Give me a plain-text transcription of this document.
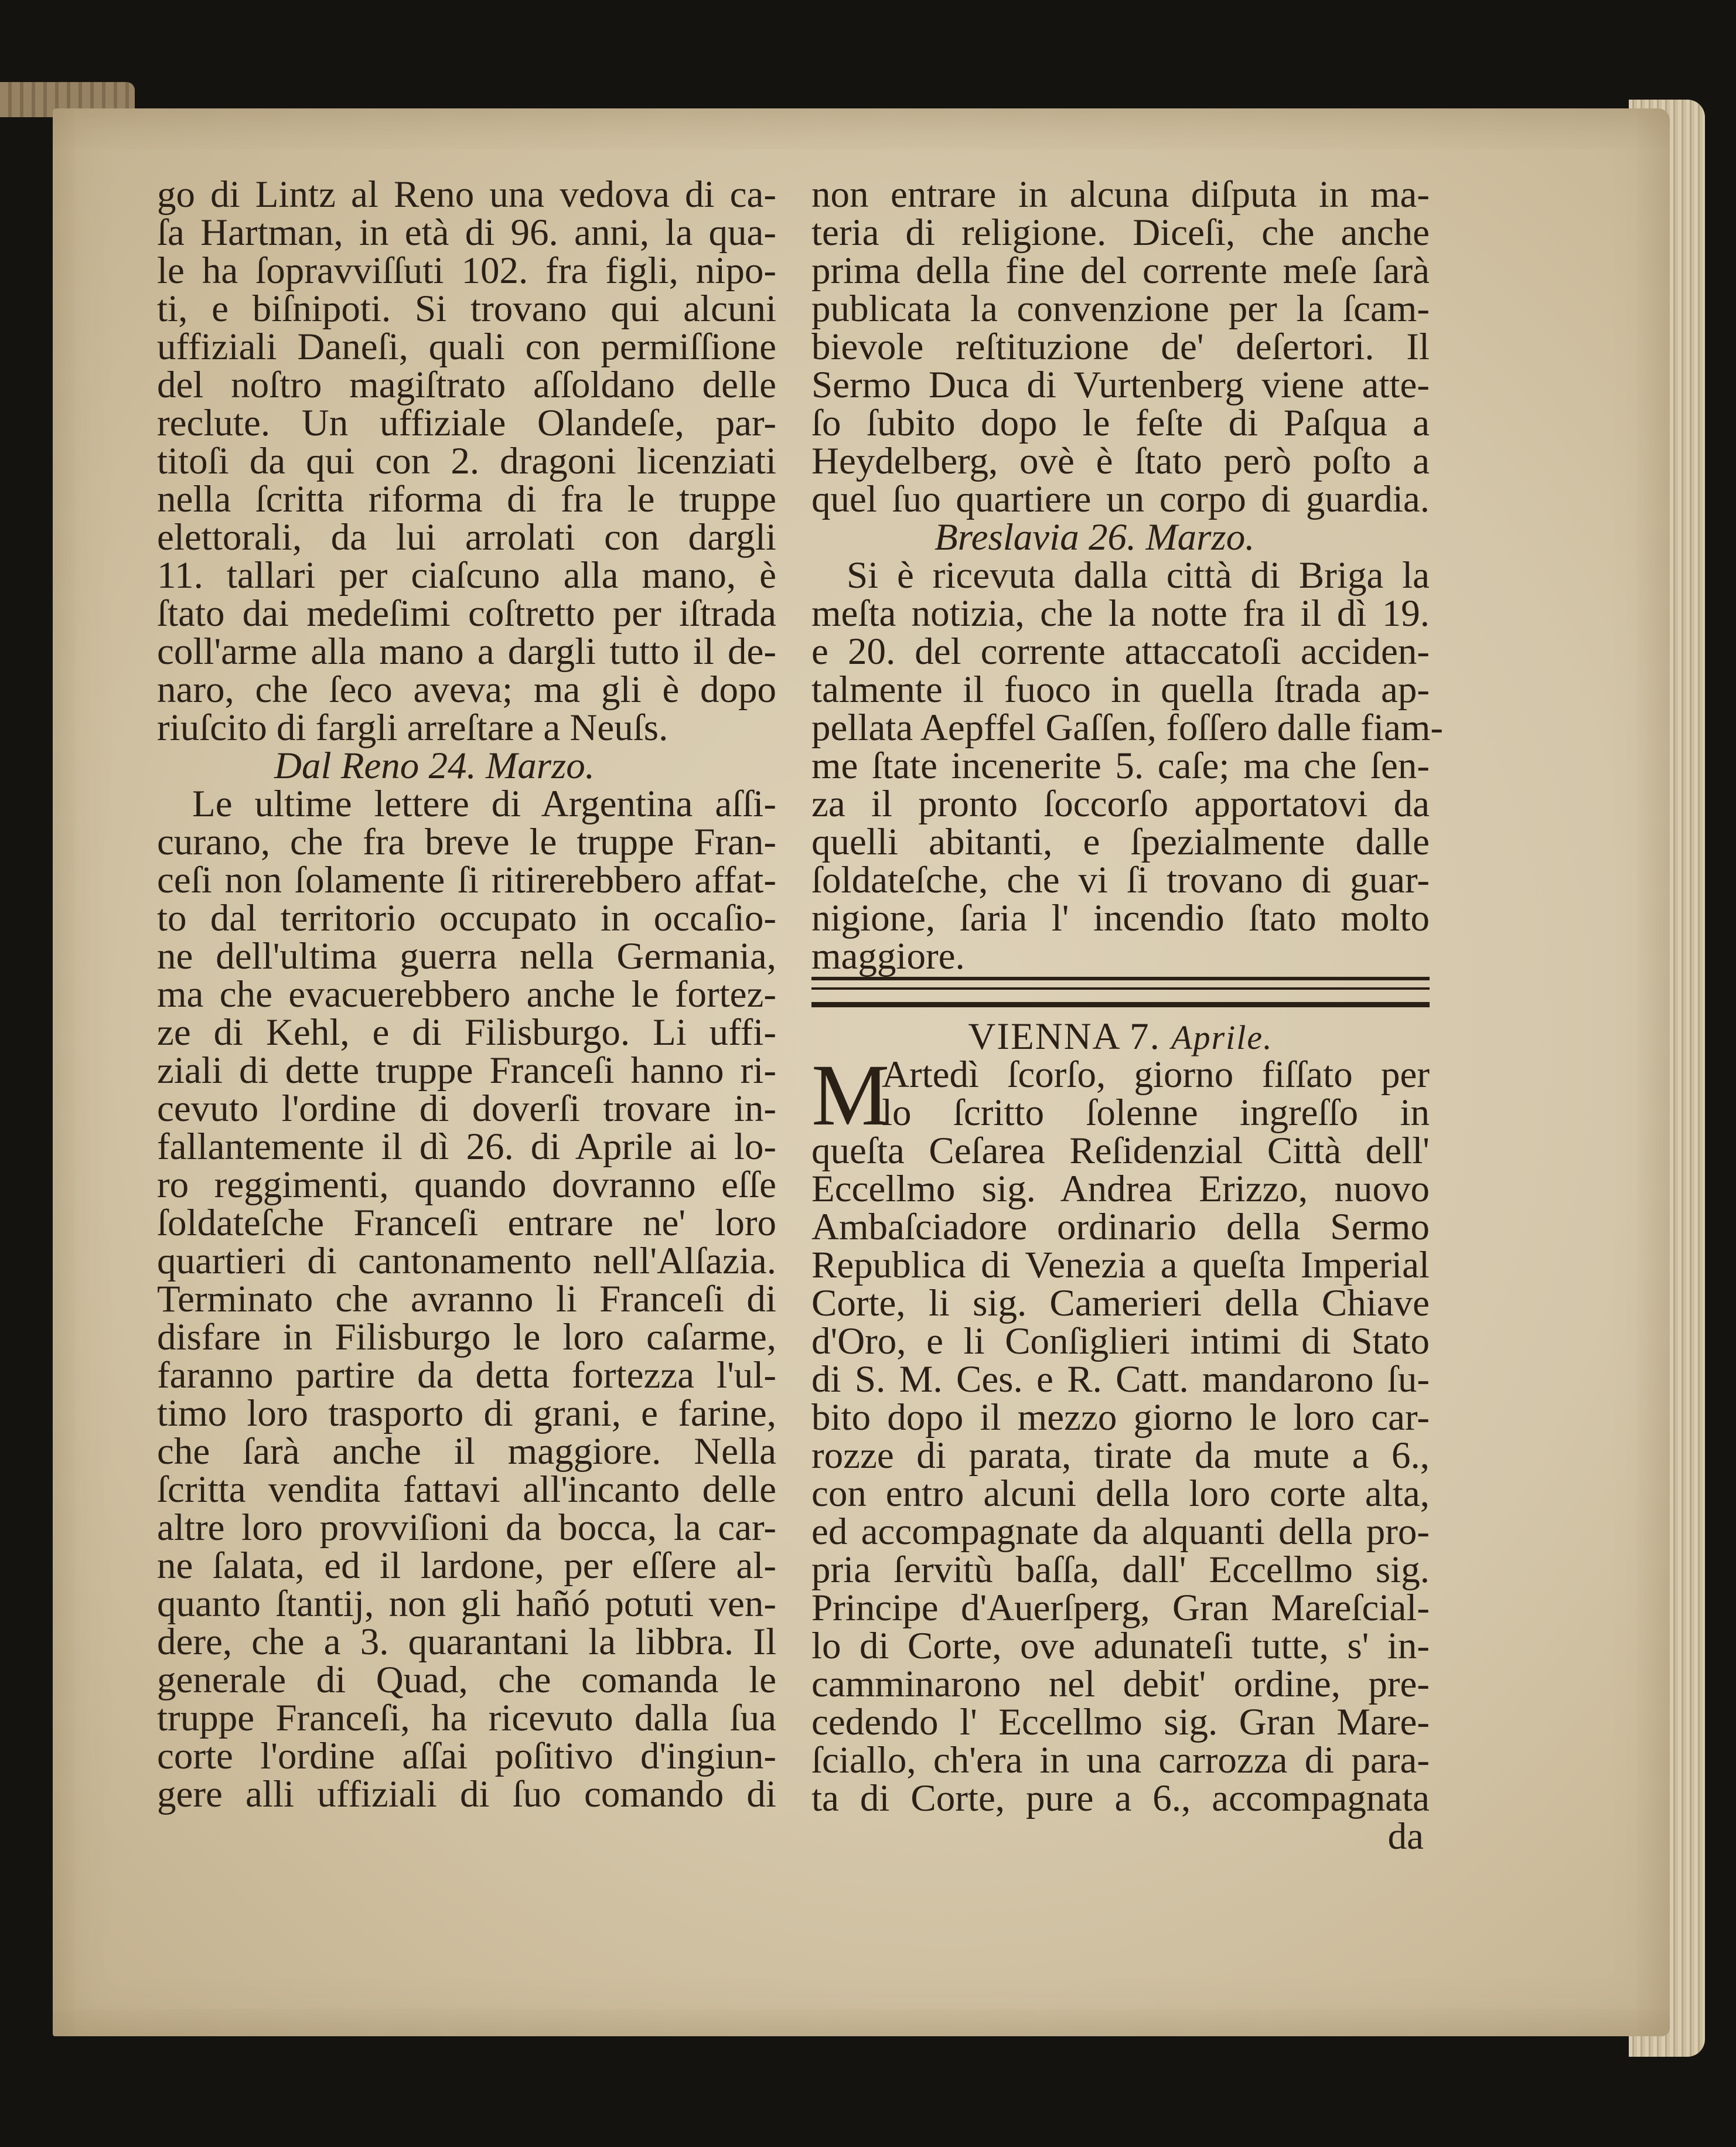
go di Lintz al Reno una vedova di ca-
ſa Hartman, in età di 96. anni, la qua-
le ha ſopravviſſuti 102. fra figli, nipo-
ti, e biſnipoti. Si trovano qui alcuni
uffiziali Daneſi, quali con permiſſione
del noſtro magiſtrato aſſoldano delle
reclute. Un uffiziale Olandeſe, par-
titoſi da qui con 2. dragoni licenziati
nella ſcritta riforma di fra le truppe
elettorali, da lui arrolati con dargli
11. tallari per ciaſcuno alla mano, è
ſtato dai medeſimi coſtretto per iſtrada
coll'arme alla mano a dargli tutto il de-
naro, che ſeco aveva; ma gli è dopo
riuſcito di fargli arreſtare a Neuſs.
Dal Reno 24. Marzo.
Le ultime lettere di Argentina aſſi-
curano, che fra breve le truppe Fran-
ceſi non ſolamente ſi ritirerebbero affat-
to dal territorio occupato in occaſio-
ne dell'ultima guerra nella Germania,
ma che evacuerebbero anche le fortez-
ze di Kehl, e di Filisburgo. Li uffi-
ziali di dette truppe Franceſi hanno ri-
cevuto l'ordine di doverſi trovare in-
fallantemente il dì 26. di Aprile ai lo-
ro reggimenti, quando dovranno eſſe
ſoldateſche Franceſi entrare ne' loro
quartieri di cantonamento nell'Alſazia.
Terminato che avranno li Franceſi di
disfare in Filisburgo le loro caſarme,
faranno partire da detta fortezza l'ul-
timo loro trasporto di grani, e farine,
che ſarà anche il maggiore. Nella
ſcritta vendita fattavi all'incanto delle
altre loro provviſioni da bocca, la car-
ne ſalata, ed il lardone, per eſſere al-
quanto ſtantij, non gli hañó potuti ven-
dere, che a 3. quarantani la libbra. Il
generale di Quad, che comanda le
truppe Franceſi, ha ricevuto dalla ſua
corte l'ordine aſſai poſitivo d'ingiun-
gere alli uffiziali di ſuo comando di
non entrare in alcuna diſputa in ma-
teria di religione. Diceſi, che anche
prima della fine del corrente meſe ſarà
publicata la convenzione per la ſcam-
bievole reſtituzione de' deſertori. Il
Sermo Duca di Vurtenberg viene atte-
ſo ſubito dopo le feſte di Paſqua a
Heydelberg, ovè è ſtato però poſto a
quel ſuo quartiere un corpo di guardia.
Breslavia 26. Marzo.
Si è ricevuta dalla città di Briga la
meſta notizia, che la notte fra il dì 19.
e 20. del corrente attaccatoſi acciden-
talmente il fuoco in quella ſtrada ap-
pellata Aepffel Gaſſen, foſſero dalle fiam-
me ſtate incenerite 5. caſe; ma che ſen-
za il pronto ſoccorſo apportatovi da
quelli abitanti, e ſpezialmente dalle
ſoldateſche, che vi ſi trovano di guar-
nigione, ſaria l' incendio ſtato molto
maggiore.
VIENNA 7. Aprile.
M
Artedì ſcorſo, giorno fiſſato per
lo ſcritto ſolenne ingreſſo in
queſta Ceſarea Reſidenzial Città dell'
Eccellmo sig. Andrea Erizzo, nuovo
Ambaſciadore ordinario della Sermo
Republica di Venezia a queſta Imperial
Corte, li sig. Camerieri della Chiave
d'Oro, e li Conſiglieri intimi di Stato
di S. M. Ces. e R. Catt. mandarono ſu-
bito dopo il mezzo giorno le loro car-
rozze di parata, tirate da mute a 6.,
con entro alcuni della loro corte alta,
ed accompagnate da alquanti della pro-
pria ſervitù baſſa, dall' Eccellmo sig.
Principe d'Auerſperg, Gran Mareſcial-
lo di Corte, ove adunateſi tutte, s' in-
camminarono nel debit' ordine, pre-
cedendo l' Eccellmo sig. Gran Mare-
ſciallo, ch'era in una carrozza di para-
ta di Corte, pure a 6., accompagnata
da
